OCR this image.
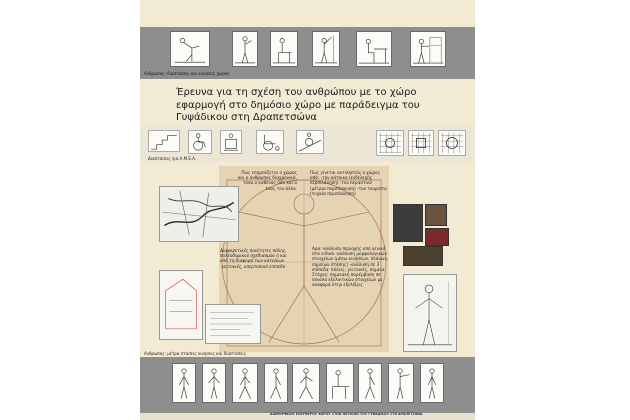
Ανθρωπος: διαστάσεις και κινήσεις χώρος
Έρευνα για τη σχέση του ανθρώπου με το χώρο εφαρμογή στο δημόσιο χώρο με παράδειγμα του Γυψάδικου στη Δραπετσώνα
Διαστάσεις για Α.Μ.Ε.Α.
Πως επηρεάζεται ο χώρος και ο άνθρωπος διαχρονικά, τόσο ο καθένας όσο και ο ένας τον άλλο.
Πως γίνεται αντιληπτός ο χώρος από: -τον κάτοικο (ενδελεχής περιπλάνηση) -τον περαστικό (μέτρια περιπλάνηση) -τον τουρίστα (τυχαία περιπλάνηση)
Διαφορετικές ποιότητες πόλης, πολεοδομικού σχεδιασμού ή και από τη διαφορά των κατοίκων -γειτονιές, υπερτοπικό επίπεδο
Άρα: ανάλυση περιοχής από γενικά στα ειδικά -ανάλυση μορφολογικών στοιχείων (μέσω κινήσεων, πλάνων, σημείων στάσης) -ανάλυση σε 3 επίπεδα: πόλεις, γειτονιές, σημεία. Στόχος: σημειακή παρέμβαση σε σύνολο εξελικτικών στοιχείων με αναφορά στην εξελίξεις.
Ανθρωπος: μέτρα στάσεις κινήσεις και διαστάσεις
ΔΙΑΜΟΡΦΩΣΗ ΕΛΕΥΘΕΡΟΥ ΧΩΡΟΥ ΣΤΗΝ ΠΕΡΙΟΧΗ ΤΟΥ ΓΥΨΑΔΙΚΟΥ ΣΤΗ ΔΡΑΠΕΤΣΩΝΑ
